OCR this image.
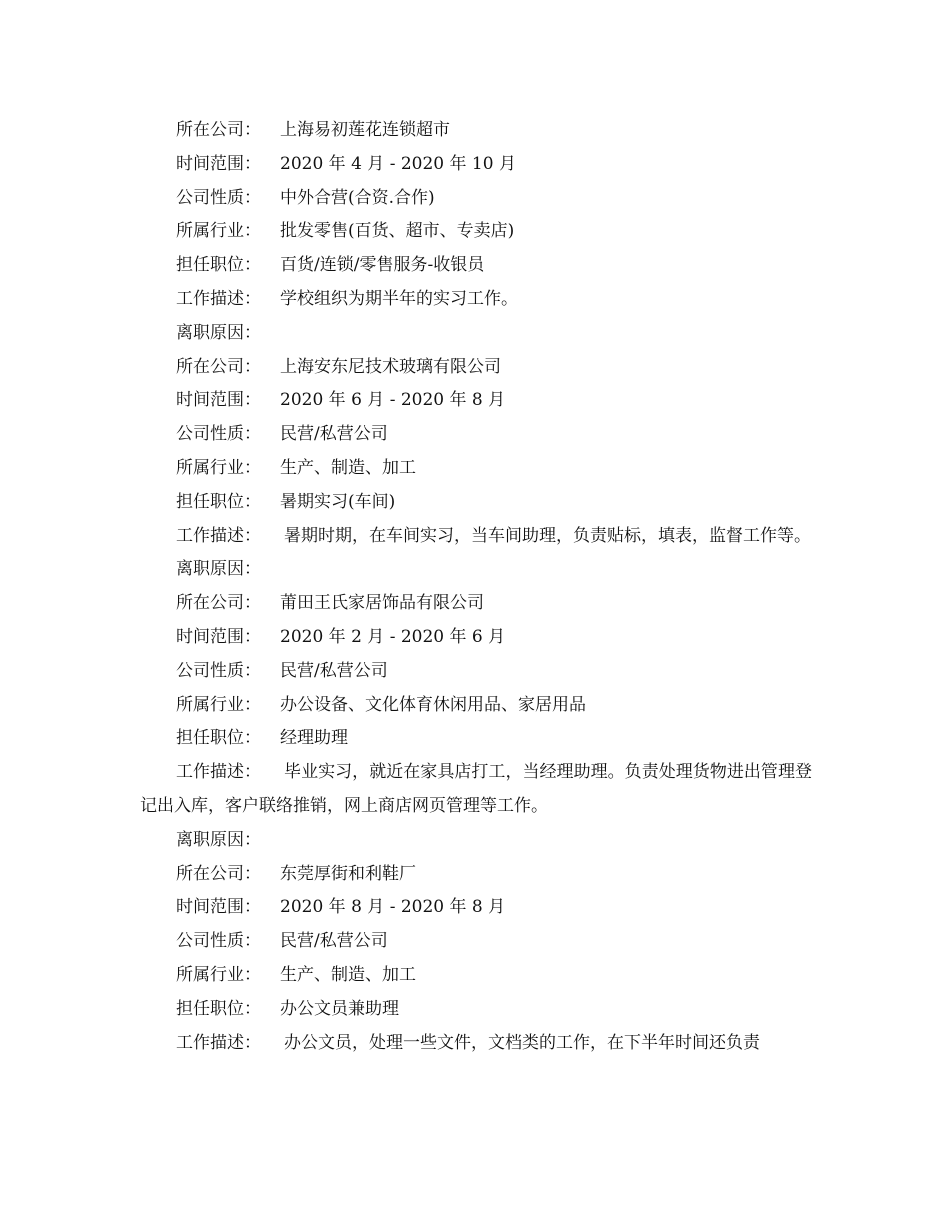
所在公司：	上海易初莲花连锁超市
时间范围：	2020 年 4 月 - 2020 年 10 月
公司性质：	中外合营(合资.合作)
所属行业：	批发零售(百货、超市、专卖店)
担任职位：	百货/连锁/零售服务-收银员
工作描述：	学校组织为期半年的实习工作。
离职原因：
所在公司：	上海安东尼技术玻璃有限公司
时间范围：	2020 年 6 月 - 2020 年 8 月
公司性质：	民营/私营公司
所属行业：	生产、制造、加工
担任职位：	暑期实习(车间)

工作描述： 暑期时期，在车间实习，当车间助理，负责贴标，填表，监督工作等。

离职原因：
所在公司：	莆田王氏家居饰品有限公司
时间范围：	2020 年 2 月 - 2020 年 6 月
公司性质：	民营/私营公司
所属行业：	办公设备、文化体育休闲用品、家居用品
担任职位：	经理助理

工作描述： 毕业实习，就近在家具店打工，当经理助理。负责处理货物进出管理登记出入库，客户联络推销，网上商店网页管理等工作。

离职原因：
所在公司：	东莞厚街和利鞋厂
时间范围：	2020 年 8 月 - 2020 年 8 月
公司性质：	民营/私营公司
所属行业：	生产、制造、加工
担任职位：	办公文员兼助理

工作描述： 办公文员，处理一些文件，文档类的工作，在下半年时间还负责
